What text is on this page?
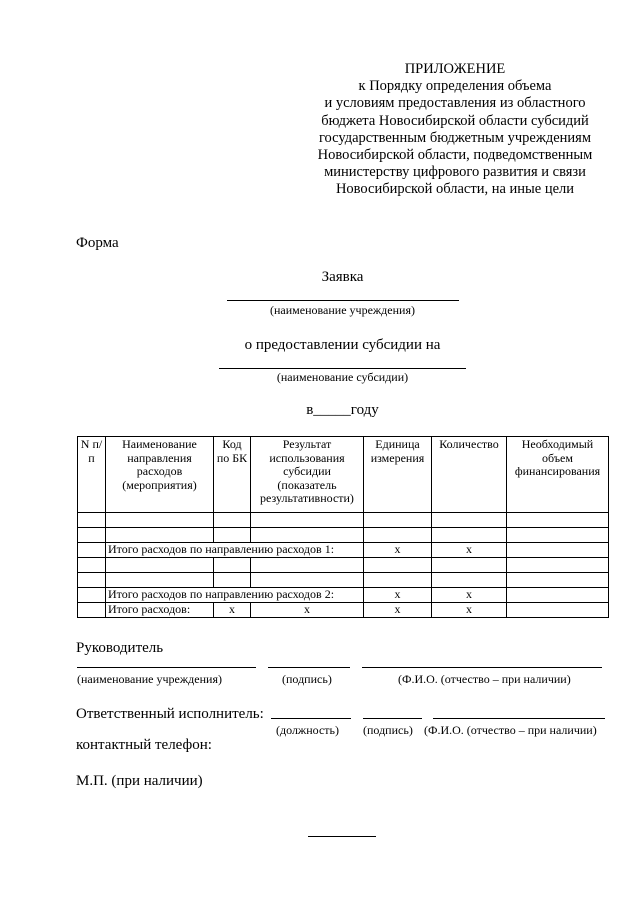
ПРИЛОЖЕНИЕ
к Порядку определения объема
и условиям предоставления из областного
бюджета Новосибирской области субсидий
государственным бюджетным учреждениям
Новосибирской области, подведомственным
министерству цифрового развития и связи
Новосибирской области, на иные цели
Форма
Заявка
(наименование учреждения)
о предоставлении субсидии на
(наименование субсидии)
в_____году
N п/п	Наименование направления расходов (мероприятия)	Код по БК	Результат использования субсидии (показатель результативности)	Единица измерения	Количество	Необходимый объем финансирования

	Итого расходов по направлению расходов 1:			x	x	

	Итого расходов по направлению расходов 2:			x	x	
	Итого расходов:	x	x	x	x	
Руководитель
(наименование учреждения)	(подпись)	(Ф.И.О. (отчество – при наличии)
Ответственный исполнитель:
(должность) (подпись) (Ф.И.О. (отчество – при наличии)
контактный телефон:
М.П. (при наличии)
